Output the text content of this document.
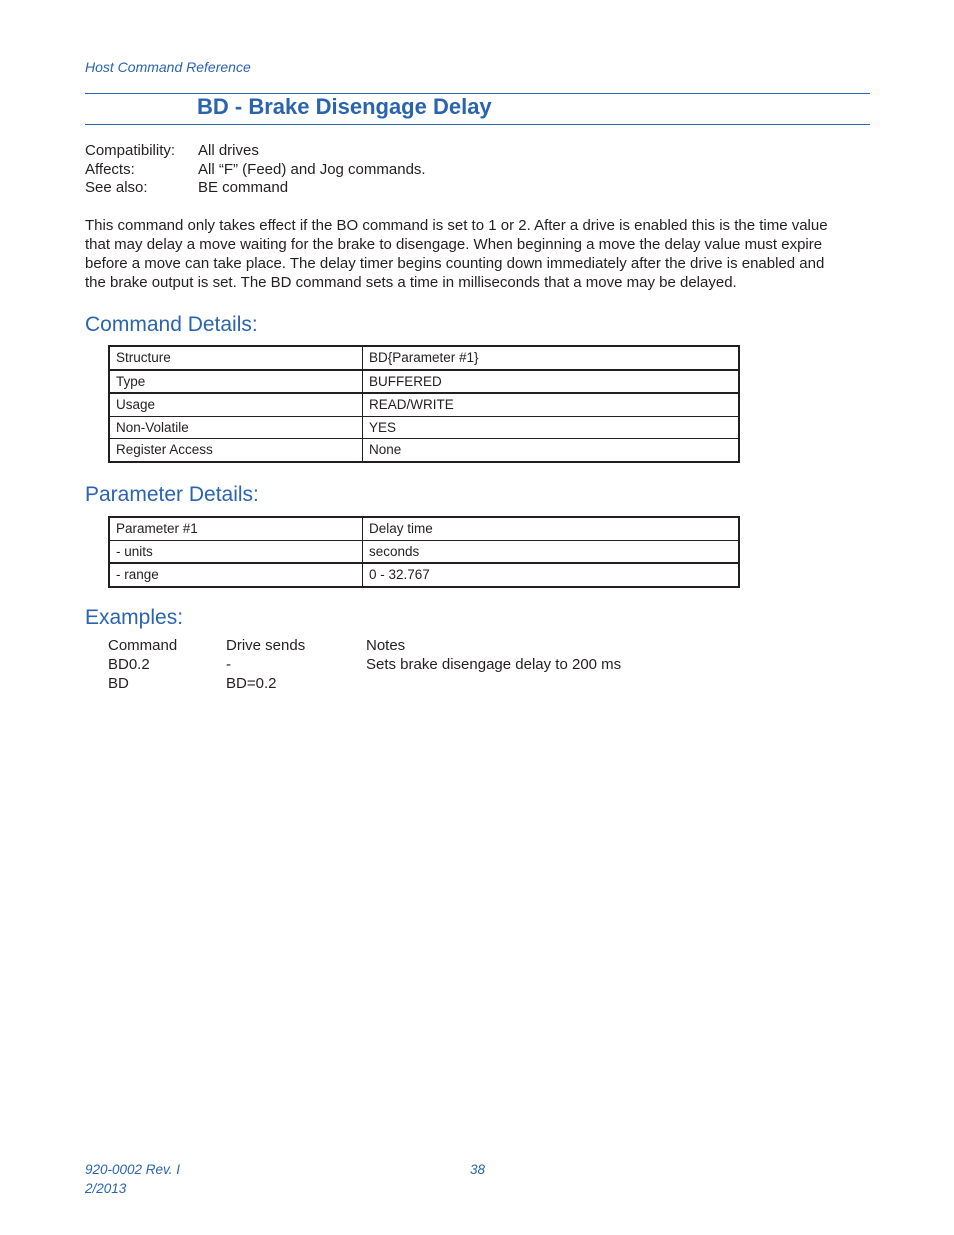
Host Command Reference
BD - Brake Disengage Delay
Compatibility:	All drives
Affects:	All “F” (Feed) and Jog commands.
See also:	BE command
This command only takes effect if the BO command is set to 1 or 2. After a drive is enabled this is the time value
that may delay a move waiting for the brake to disengage. When beginning a move the delay value must expire
before a move can take place. The delay timer begins counting down immediately after the drive is enabled and
the brake output is set. The BD command sets a time in milliseconds that a move may be delayed.
Command Details:
Structure	BD{Parameter #1}
Type	BUFFERED
Usage	READ/WRITE
Non-Volatile	YES
Register Access	None
Parameter Details:
Parameter #1	Delay time
- units	seconds
- range	0 - 32.767
Examples:
Command	Drive sends	Notes
BD0.2	-	Sets brake disengage delay to 200 ms
BD	BD=0.2
920-0002 Rev. I
2/2013
38
